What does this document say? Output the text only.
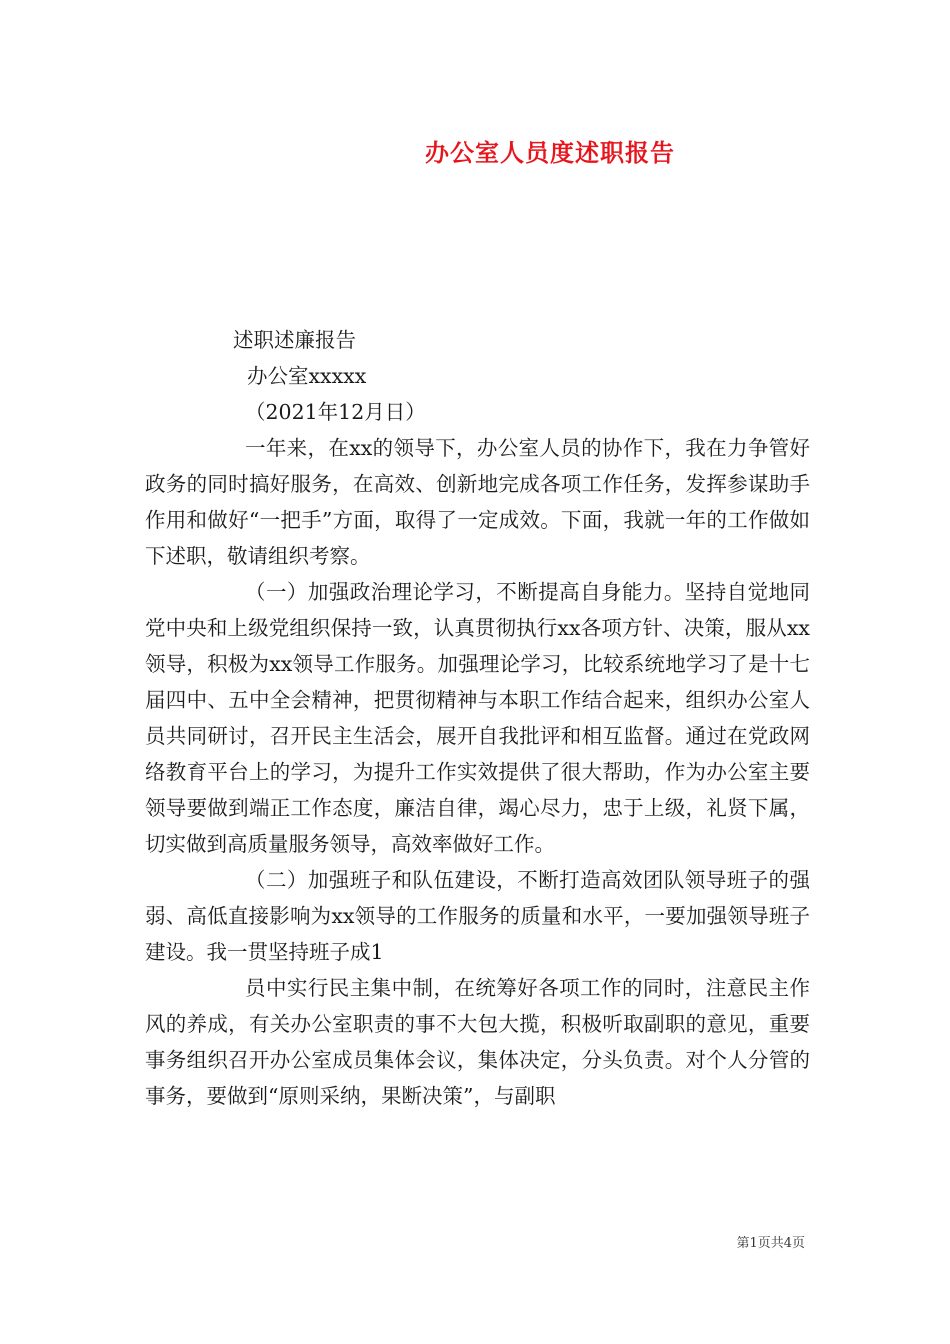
办公室人员度述职报告

述职述廉报告

办公室xxxxx

（2021年12月日）

一年来，在xx的领导下，办公室人员的协作下，我在力争管好政务的同时搞好服务，在高效、创新地完成各项工作任务，发挥参谋助手作用和做好“一把手”方面，取得了一定成效。下面，我就一年的工作做如下述职，敬请组织考察。

（一）加强政治理论学习，不断提高自身能力。坚持自觉地同党中央和上级党组织保持一致，认真贯彻执行xx各项方针、决策，服从xx领导，积极为xx领导工作服务。加强理论学习，比较系统地学习了是十七届四中、五中全会精神，把贯彻精神与本职工作结合起来，组织办公室人员共同研讨，召开民主生活会，展开自我批评和相互监督。通过在党政网络教育平台上的学习，为提升工作实效提供了很大帮助，作为办公室主要领导要做到端正工作态度，廉洁自律，竭心尽力，忠于上级，礼贤下属，切实做到高质量服务领导，高效率做好工作。

（二）加强班子和队伍建设，不断打造高效团队领导班子的强弱、高低直接影响为xx领导的工作服务的质量和水平，一要加强领导班子建设。我一贯坚持班子成1

员中实行民主集中制，在统筹好各项工作的同时，注意民主作风的养成，有关办公室职责的事不大包大揽，积极听取副职的意见，重要事务组织召开办公室成员集体会议，集体决定，分头负责。对个人分管的事务，要做到“原则采纳，果断决策”，与副职

第1页共4页
